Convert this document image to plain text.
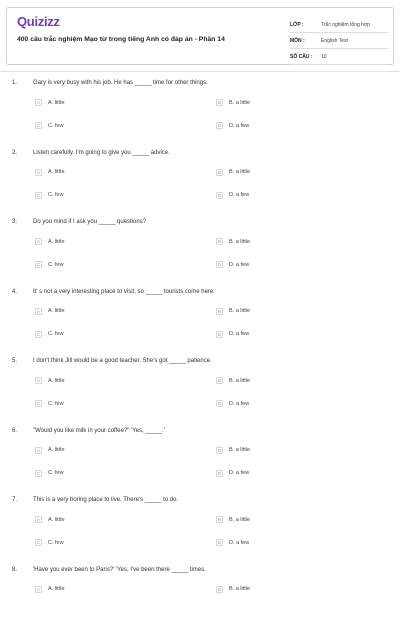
Quizizz
400 câu trắc nghiệm Mạo từ trong tiếng Anh có đáp án - Phần 14
LỚP :	Trắc nghiệm tổng hợp
MÔN :	English Test
SỐ CÂU :	10
1.	Gary is very busy with his job. He has _____ time for other things.
A	A. little	B	B. a little
C	C. few	D	D. a few
2.	Listen carefully. I'm going to give you _____ advice.
A	A. little	B	B. a little
C	C. few	D	D. a few
3.	Do you mind if I ask you _____ questions?
A	A. little	B	B. a little
C	C. few	D	D. a few
4.	It' s not a very interesting place to visit, so _____ tourists come here.
A	A. little	B	B. a little
C	C. few	D	D. a few
5.	I don't think Jill would be a good teacher. She's got _____ patience.
A	A. little	B	B. a little
C	C. few	D	D. a few
6.	"Would you like milk in your coffee?" 'Yes, _____.'
A	A. little	B	B. a little
C	C. few	D	D. a few
7.	This is a very boring place to live. There's _____ to do.
A	A. little	B	B. a little
C	C. few	D	D. a few
8.	'Have you ever been to Paris?' 'Yes, I've been there _____ times.
A	A. little	B	B. a little
